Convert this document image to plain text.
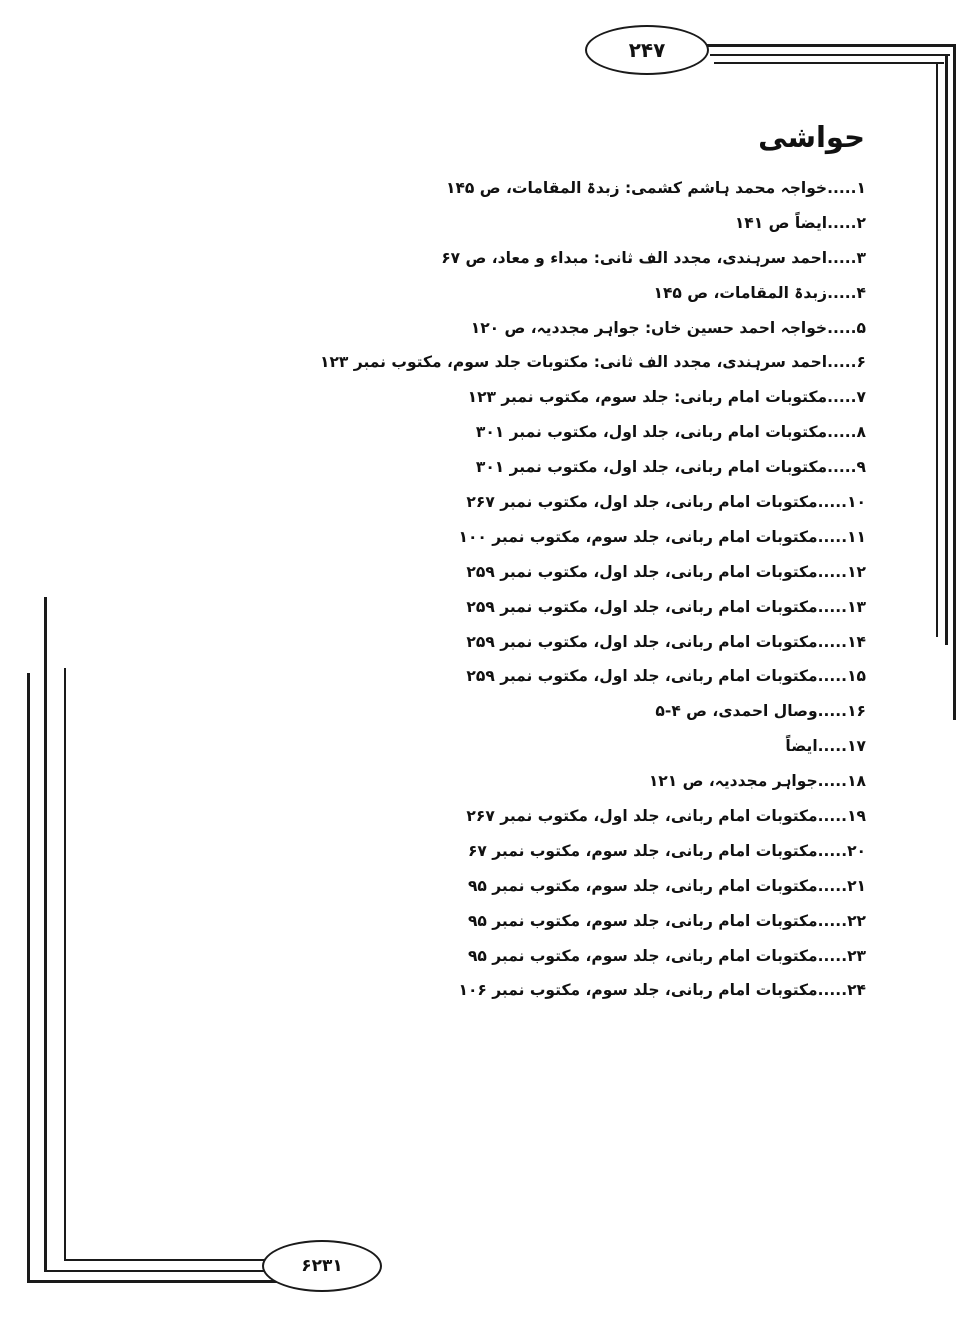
۲۴۷
۶۲۳۱
حواشی
۱.....خواجہ محمد ہاشم کشمی: زبدۃ المقامات، ص ۱۴۵
۲.....ایضاً ص ۱۴۱
۳.....احمد سرہندی، مجدد الف ثانی: مبداء و معاد، ص ۶۷
۴.....زبدۃ المقامات، ص ۱۴۵
۵.....خواجہ احمد حسین خاں: جواہر مجددیہ، ص ۱۲۰
۶.....احمد سرہندی، مجدد الف ثانی: مکتوبات جلد سوم، مکتوب نمبر ۱۲۳
۷.....مکتوبات امام ربانی: جلد سوم، مکتوب نمبر ۱۲۳
۸.....مکتوبات امام ربانی، جلد اول، مکتوب نمبر ۳۰۱
۹.....مکتوبات امام ربانی، جلد اول، مکتوب نمبر ۳۰۱
۱۰.....مکتوبات امام ربانی، جلد اول، مکتوب نمبر ۲۶۷
۱۱.....مکتوبات امام ربانی، جلد سوم، مکتوب نمبر ۱۰۰
۱۲.....مکتوبات امام ربانی، جلد اول، مکتوب نمبر ۲۵۹
۱۳.....مکتوبات امام ربانی، جلد اول، مکتوب نمبر ۲۵۹
۱۴.....مکتوبات امام ربانی، جلد اول، مکتوب نمبر ۲۵۹
۱۵.....مکتوبات امام ربانی، جلد اول، مکتوب نمبر ۲۵۹
۱۶.....وصال احمدی، ص ۴-۵
۱۷.....ایضاً
۱۸.....جواہر مجددیہ، ص ۱۲۱
۱۹.....مکتوبات امام ربانی، جلد اول، مکتوب نمبر ۲۶۷
۲۰.....مکتوبات امام ربانی، جلد سوم، مکتوب نمبر ۶۷
۲۱.....مکتوبات امام ربانی، جلد سوم، مکتوب نمبر ۹۵
۲۲.....مکتوبات امام ربانی، جلد سوم، مکتوب نمبر ۹۵
۲۳.....مکتوبات امام ربانی، جلد سوم، مکتوب نمبر ۹۵
۲۴.....مکتوبات امام ربانی، جلد سوم، مکتوب نمبر ۱۰۶
